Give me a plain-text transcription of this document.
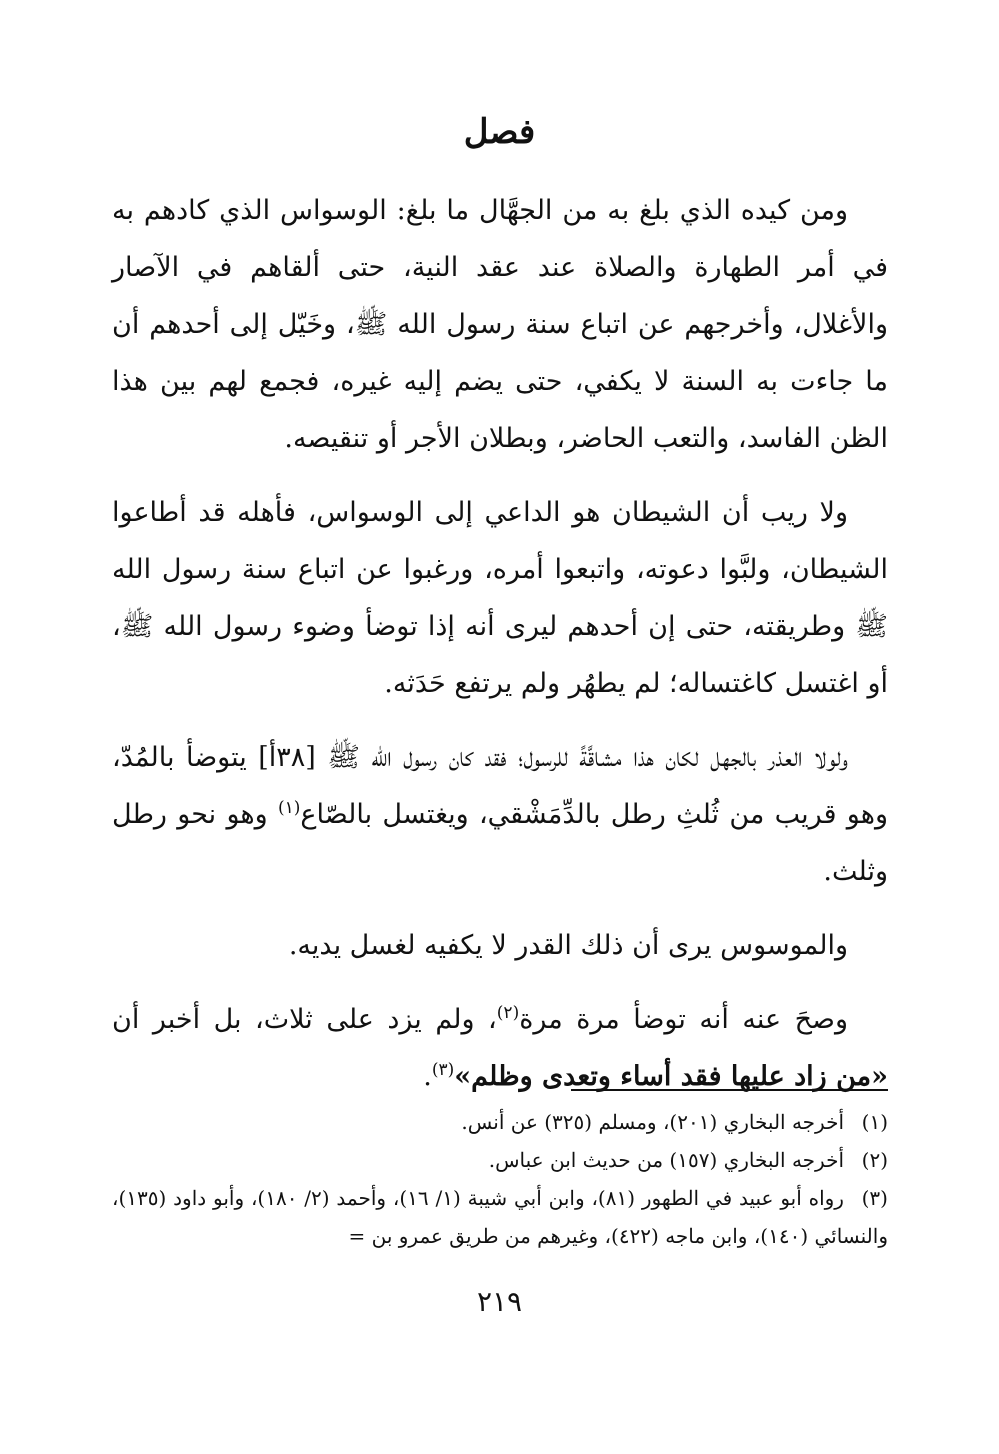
فصل

ومن كيده الذي بلغ به من الجهَّال ما بلغ: الوسواس الذي كادهم به في أمر الطهارة والصلاة عند عقد النية، حتى ألقاهم في الآصار والأغلال، وأخرجهم عن اتباع سنة رسول الله ﷺ، وخَيّل إلى أحدهم أن ما جاءت به السنة لا يكفي، حتى يضم إليه غيره، فجمع لهم بين هذا الظن الفاسد، والتعب الحاضر، وبطلان الأجر أو تنقيصه.

ولا ريب أن الشيطان هو الداعي إلى الوسواس، فأهله قد أطاعوا الشيطان، ولبَّوا دعوته، واتبعوا أمره، ورغبوا عن اتباع سنة رسول الله ﷺ وطريقته، حتى إن أحدهم ليرى أنه إذا توضأ وضوء رسول الله ﷺ، أو اغتسل كاغتساله؛ لم يطهُر ولم يرتفع حَدَثه.

ولولا العذر بالجهل لكان هذا مشاقَّةً للرسول؛ فقد كان رسول الله ﷺ [٣٨أ] يتوضأ بالمُدّ، وهو قريب من ثُلثِ رطل بالدِّمَشْقي، ويغتسل بالصّاع$^{(١)}$ وهو نحو رطل وثلث.

والموسوس يرى أن ذلك القدر لا يكفيه لغسل يديه.

وصحَ عنه أنه توضأ مرة مرة$^{(٢)}$، ولم يزد على ثلاث، بل أخبر أن «من زاد عليها فقد أساء وتعدى وظلم»$^{(٣)}$.

(١)أخرجه البخاري (٢٠١)، ومسلم (٣٢٥) عن أنس.

(٢)أخرجه البخاري (١٥٧) من حديث ابن عباس.

(٣)رواه أبو عبيد في الطهور (٨١)، وابن أبي شيبة (١/ ١٦)، وأحمد (٢/ ١٨٠)، وأبو داود (١٣٥)، والنسائي (١٤٠)، وابن ماجه (٤٢٢)، وغيرهم من طريق عمرو بن =

٢١٩
